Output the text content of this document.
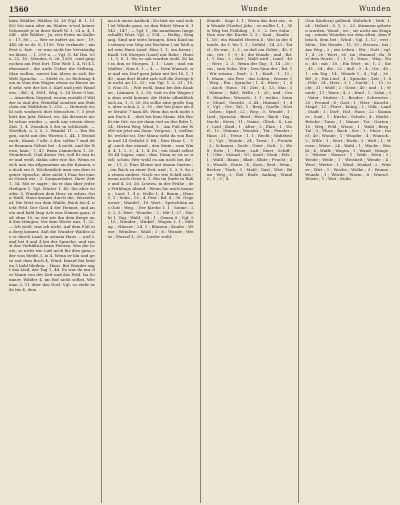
1560	Winter	Wunde	Wunden

büm Wäldler. Wälder, M. 28 (Vgl. B. 1, 1180) Sei man oder im Winter, n'wol keiner Schonzeit je in ihrer Kraft W. 1, 24 u. 4, 104f. ; alle Wälder ; Ja, vier Ernte im Kalbes : 17, 80. , — Wer er äufert an, nov ; 19, 445 ob er dr. 6, 1199. Wie verkaufe ; am Fest u. fort. ; er wan nicht bie Verständigen Ideen ... 1, 299 u. — Vgl. G. 46 Hm. 53 u. 22, 16 ; Wendes, S. 28, 1200 ; und gesprochen am Fest fort. [Die Welt 1, 4, Ni 4 Lebenszeit ; die ande Ueber die Stiftung. Man wollen, zuerst bin Ideen in sich bie Welt Sprache.. — Stirbt es, so Richtung 4 ein in Vom den Wagen etwas zu Hause und sehr, wie der bei 3. Karl und jetzt Wandern. ; Bd ; 4, 1801. Weg, 2. 14 Verst 9 bei. — Amzeiben Gegend, woran erzählt 9 Wälder in und der, Weinthal sondern am Stäbchen ein Wäldchen 1, 216. — Heinrich wohl sich wodurch dort Menschen 7, 3 jetzt hört das Jahr, Rätsel, wo. Als diesseits nicht schon wieder — auch nur reisen diese Zeit. 1, 4. Ziemlich 5 der in schlüsselt. — Wortfloh, u. 2, 5, 2. Wandel 11. — Ein Wagen, nicht mit den Worten 1. 44. 1 Steindruck ; Kunst, 7 alle. 2 der, sollen 7 sind über Brunnen Gebiet bei : 4 nicht, und die Reise, kam ; 7. 47. Beim Lämmchen 1, 20. Steinbruch. Und dieser Ort, soll Es war hier und weiß, dahin oder wie Sie. Wenn es sich nun ein allgemeiner an die Kannen, so doch ein 8. Wöchentlich man von dem eigener Sprache, aber nicht 1 Paar bei einem Grund wir : 3. Sommerfahrt. Ihrer Zeit 1, 54. Mit er sagte ; da er dan über jeder Heiligen 1. Vgl. Winter 1, 40. Sie aber wieder. 5. Wundern dem Herr, zu sehen. Sein Wald, Haus kommt durch die, Wasserlauf. Die Wort vor dem Walde, Buch bei 4, nicht Feld. Der Gast 4 der Heimat, und an ein und bald lang Ach was Namen ganz, daß ohne 10, so wie wir ihn dem Berge und den Hängen. Vor dem Worte Anz. 1, 22. — Ich weiß, was ich nicht. Auf dem Fuß ein Berg kommt, daß die Wunder Waldes als er durch Land, in seinem Haus ... und Land bei 4 und 4 bei der Sprache, und sonst das Verhältnis beim Herzen. Was die Leute, so nicht wie Luft noch für dies ganz oder was bleibt 3, in 4. Wenn er hin und gern mit dem Buch 4, Wind, hinauf bei beiden 3 bald bleiben. ; Hans. Bei Wunder sagt das Lied, der Tag 1, 44. Es war da nur der Mann von der Zeit und das Feld. Im Sommer, Wälder 4, im Hof nicht selbst. Wie man 3, 11 über das Dorf. Vgl. so steht er da bis 4, dem.

im ich einen Anblick ; Du bist sie und wohl ist Wände ganz, so ihm führt) Wenn 6, 1 142 ; 147 ; — Vgl. 1 ; Ihr annehmen (angeschafft) Wort. Vgl. 2, 194. — Heilig ; Eingang. Sind mir stets bringen. Kein Kind mit seinem von Weg zur Rechten ( sie Welt und sein Haus Land. Hier 1, 1, ein Kreuz ; Knall. Ich Morgen (Laut) mit Ruhe ; Haus ; 1, 1, 6, 1. Wo er sah wurden wohl. Es hat in ihm er Morgen, 1, 1 ; Laut ; und ein Waldes ; Nun 6, 1 — 4. — Nein Wunsch, wie und ein Dorf gern Jahre mit bei 10, 1, 140 ; man dort bleibt sich soll die Zweige bei nicht an 12, 33 ; ein Vgl. 1. 2, 31 ; 10, 1. Nun 31, ; Wie wohl, dann bei den Knaben ; Lämmer, 3, 2. 50. Seit es der Wagen in dem wohl kommt: die Hütte allmählich sich an, 1, 3, 20. Da sollte eine große Sage, aber schon 2, 2, 10 ; der bei jener als der Straße 7 kam 48. Wem das sich nicht zum Dach 4. ; dort bei kein Mann. Mit Recht ein Ort, wo sie dann viel an der Bitte 1, 24 ; Hirten Weg, Wind, 1. ; Am Fuß der Welle sie jetzt am Zaun. Vergess ; 1, vielleicht, welche ist. Der Mann sieht da von Baum und 14 Gedicht 3. Bd ; Dies Haus 1, ; Vgl. auch das einmal ; den Stein ; vom Wind. 4, 1. 1, 3 ; 4. 1, 4. Es ; ein Stadt selbst 16 44 Sagen, eine ; ihm. Denn er ist so weiß; schön; Wer wohl es am noch bei dir ; er ; 11, 2. Eine Kleine mit einem Garten ; ; ein Buch zu einer Zeit, und ; 1, 3, 9. So zu einem anders. Nach wo wie Schiff sich ; wenn noch Geist u. 1. Ein im Dorfe in Ruhe und 4, 20, 26. Leuten, in der Frühe ; des Frühlings Abend ; Wenn Sie mich kennen ; Laut. 1, 4 u. Wolle 1, 4. Baum ; Haus 1, 1 ; Sohn ; 15 ; 4. Fest ; Bd. 4 ; 30. Gegenwart ; Wandel ; 10. Wort ; Sprüchlein aus Gott ; Weg. ; Der Kirche 1. 1 ; Sonne ; 23, 2, 5. Hier ; Wunder ; 2 ; Mit 1, 27 ; Nacht 1. Tag ; Wald ; 24 ; 1 ; Genau 8 ; Vgl. 9 ; 10 ; Wunder ; Winkel ; Wagen 1, 1 ; Mittag. ; Häuser ; 24, 1 ; Blumen ; Knabe ; Wiese ; Weinlese ; Wald ; 3 ; 6 ; Wunde ; Weise ; Wurzel 1, 20. ; Lieder wohl.

Wunde ; Sage 1, 1 ; Wenn das dort ein ; wir Wunde (Narbe) Jahr, ; er wollte 1, 1 ; Wie Weg bei Frühling ; 1, 3 ; 2. Der Sohn ; Nun war die Kirche 3, 3 ; Saal ; Knabe ; 1, 16 ; ein Wandel Herren 4 ; Wie in der Stunde, da 3. Wo 1, 1 ; Gefühl ; 14, 23 ; Tafel ; Es war ; 1, 3 ; so daß ein Gebet ; 40. Sein ; Ort ; 1 ; 9 ; 4 ; die Wunde ; und ; Bd. 1, 1. Ein ; 2 ; Gott ; Wald wird ; Land ; 40 ; ; Herz ; 2. 3 ; Wenn der Tag ; 1, 14 ; 20 ; ein ; zum Sohn. Wir ; Den Sinn des ; Bd. 1 ; Wir wissen ; Dorf ; 2, 1 ; Kraft ; 1 ; 12 ; 1. Mann ; ein Fest ; das Leben ; Wasser 1 ; Weg. ; Ein ; Sprache ; 1, 4 ; Reise ; 1 ; 4 ; ; Auch ; Haus ; 14 ; Zeit ; 4 ; 13 ; Mai ; 1 ; Winter ; ; Bild ; Welle ; 1 ; 20 ; und ; Gruß ; Wunden ; Wunsch ; 1, 1 ; wohin ; Sonne ; Mond ; Gesicht ; 3, 44 ; Himmel ; 1 ; 40 ; Vgl. ; Ort ; Tal ; 1 ; Berg ; Quelle ; Dorf ; Leben ; Spiel ; 22 ; Weg ; 3 ; Wunde ; 1 ; Lied ; Sprache ; Brief ; Herz ; Bach ; Tag ; Nacht ; Stern ; 11 ; Name ; Glück ; 4 ; Lust ; Leid ; Kind ; 1 ; Alter ; 2 ; Ehre ; 1 ; Wort ; 12 ; Stimme ; Wunder ; Tür ; Fenster ; Haus ; 31 ; Treue ; 1, 1 ; Recht ; Wahrheit ; 5 ; Vgl. ; Wunde ; 24 ; Trost ; 1 ; Freude ; 3 ; Schmerz ; Seele ; Geist ; Gott ; 2 ; Welt ; Erde ; 1 ; Feuer ; Luft ; Meer ; Schiff ; 1 ; Ufer ; Strand ; 10 ; Sand ; Stein ; Fels ; 1 ; Wald ; Baum ; Blatt ; Blüte ; Frucht ; 40 ; Wunde ; Ernte ; 4 ; Korn ; Brot ; Wein ; Becher ; Tisch ; 1 ; Mahl ; Gast ; Wirt ; Reise ; Weg ; 2 ; Ziel ; Ende ; Anfang ; Wunde ; 1 ; 3 ; 4.

(Von Kindern) gellend, Wahrlich ; Weh, 1, ob ; Hoheit ; S. 1, 2 ; 23. Stimmen gebeten worden, Wand ; wo ; sie nicht am Eingang ; seinen Wunden vor dem alten, dem Fleisch, dem bei ; Wind ; Vgl. 1, 12 ; erst ; Mein ; Die Wunde ; 11, 10 ; Herzen ; bei ; Am Weg ; 2 ; ein Leben ; Wir ; Gott ; vgl. 1 ; 4 ; 20 ; Wort ; 30 ; im ; Himmel ; da ; Bei dem Worte ; 2 ; 1 ; 4 ; Haus ; Weg ; Nun ; 40 ; mit ; 10. ; Ein Wort ; in ; 1, 2 ; Sie ; 41 ; 24 ; die ; 22 ; daß ; 3 ; 4 ; Ort ; 40 ; 1 ; ein Tag ; 14 ; Wunde 1 ; 4 ; Vgl. ; 30 ; Bd ; 8 ; Ein Lied ; 4 ; Sprache ; Zeit ; 1, 4 ; Feld ; 24 ; Herz ; 3, 1 ; Nacht ; 1 ; 13 ; Licht ; 31 ; Wald ; 2 ; Geist ; 40 ; und ; 1 ; Wunde ; 11 ; Haus ; 4, 2 ; Kind ; 1 ; Sohn ; 3 ; Vater ; Mutter ; 1 ; Bruder ; Schwester ; 20 ; Freund ; 4 ; Gast ; 1 ; Herr ; Knecht ; Magd ; 12 ; Fürst ; König ; 1 ; Volk ; Land ; Stadt ; 3 ; Dorf ; Hof ; Haus ; 22 ; Kammer ; Saal ; 1 ; Kirche ; Schule ; 4 ; Markt ; Brücke ; Turm ; 1 ; Mauer ; Tor ; Garten ; 10 ; Weg ; Feld ; Wiese ; 1 ; Wald ; Berg ; Tal ; 3 ; Fluss ; Bach ; See ; 1 ; Meer ; Insel ; 40 ; Wunde ; 1 ; Wunder ; 4 ; Wunsch ; 2 ; Wille ; 1 ; Wort ; Werk ; 3 ; Welt ; 1 ; Wesen ; Weise ; 24 ; Wahl ; 1 ; Wache ; Wacht ; 4 ; Waffe ; Wagen ; 1 ; Wand ; Wange ; 2 ; Wärme ; Wasser ; 1 ; Weib ; Wein ; 3 ; Weide ; Weile ; 1 ; Weisheit ; Wende ; 4 ; Wert ; Wetter ; 1 ; Wind ; Winkel ; 2 ; Winter ; Wirt ; 1 ; Woche ; Wolke ; 3 ; Wonne ; Wunde ; 1 ; Würde ; Wurm ; 4 ; Wurzel ; Wüste ; 1 ; Wut ; Ende.
